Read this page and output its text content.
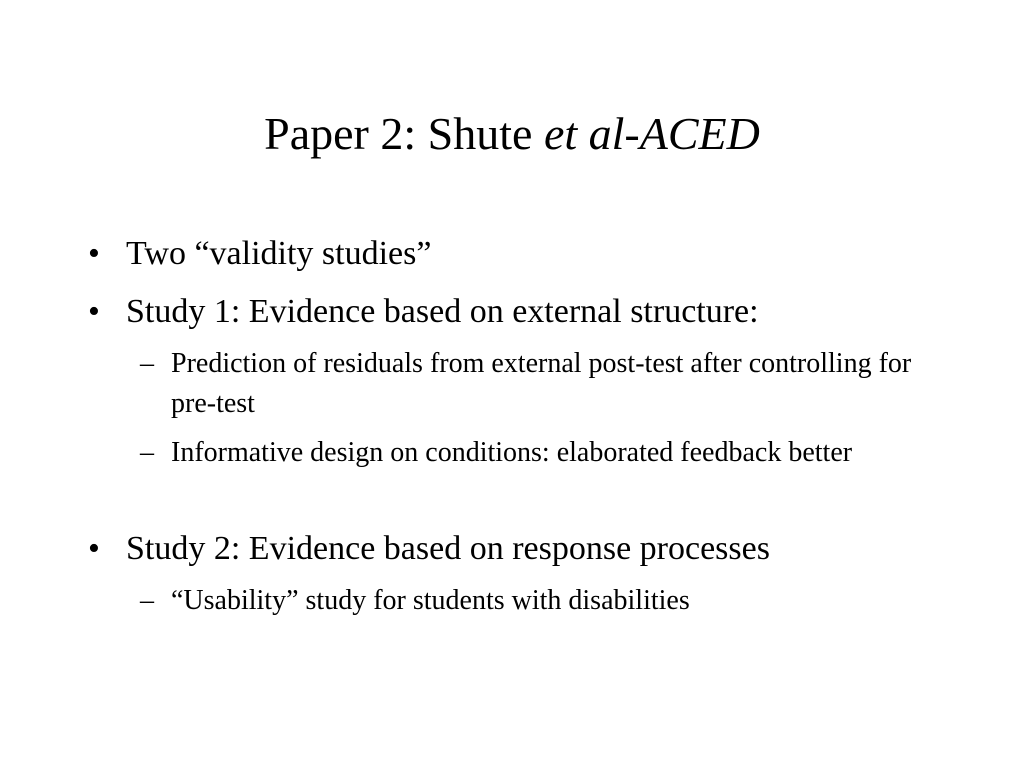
Paper 2: Shute et al-ACED
• Two “validity studies”
• Study 1: Evidence based on external structure:
– Prediction of residuals from external post-test after controlling for pre-test
– Informative design on conditions: elaborated feedback better
• Study 2: Evidence based on response processes
– “Usability” study for students with disabilities
